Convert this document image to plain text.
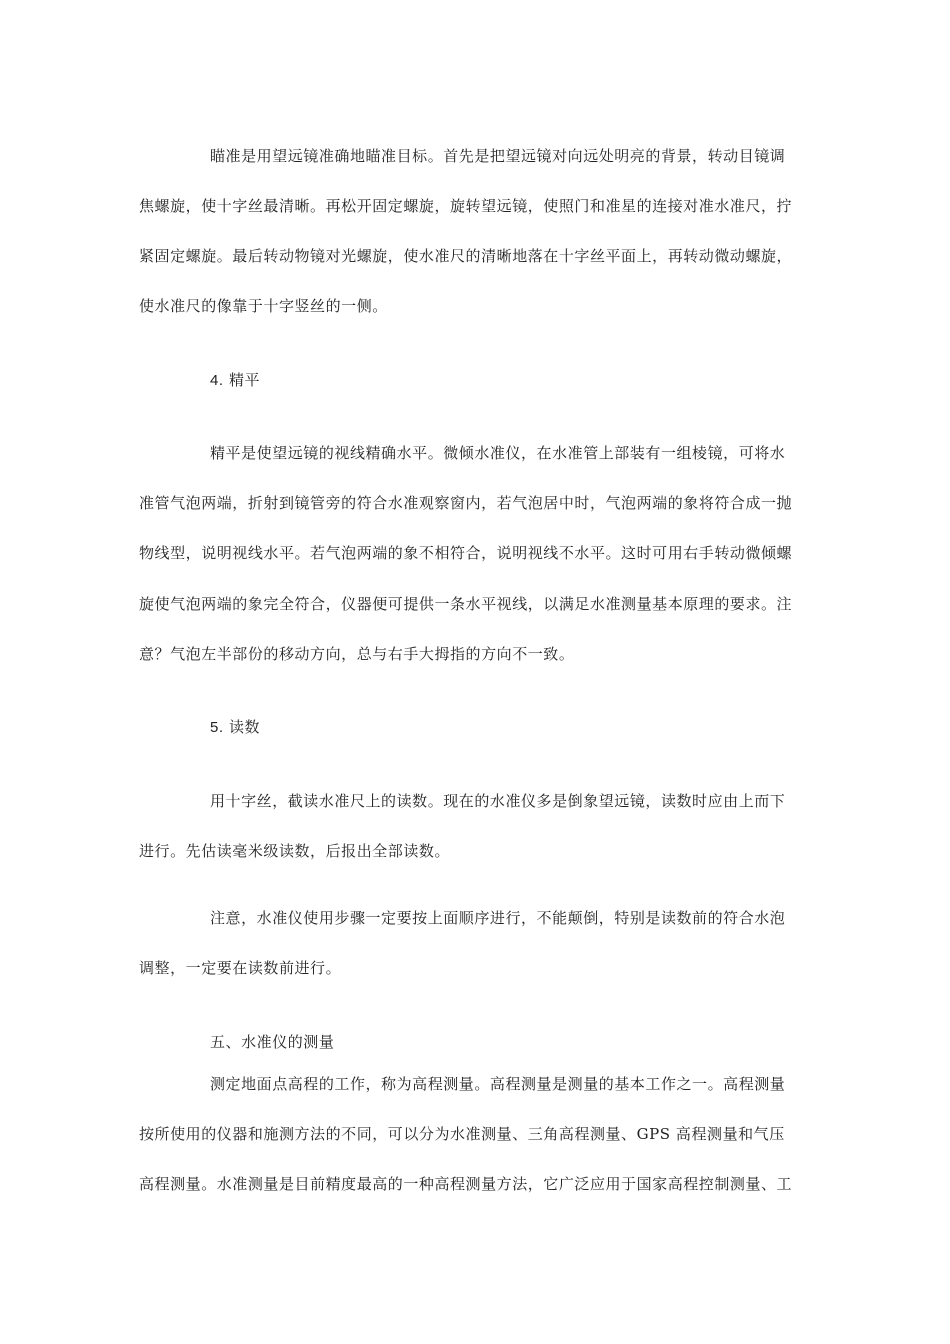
瞄准是用望远镜准确地瞄准目标。首先是把望远镜对向远处明亮的背景，转动目镜调
焦螺旋，使十字丝最清晰。再松开固定螺旋，旋转望远镜，使照门和准星的连接对准水准尺，拧
紧固定螺旋。最后转动物镜对光螺旋，使水准尺的清晰地落在十字丝平面上，再转动微动螺旋，
使水准尺的像靠于十字竖丝的一侧。
4. 精平
精平是使望远镜的视线精确水平。微倾水准仪，在水准管上部装有一组棱镜，可将水
准管气泡两端，折射到镜管旁的符合水准观察窗内，若气泡居中时，气泡两端的象将符合成一抛
物线型，说明视线水平。若气泡两端的象不相符合，说明视线不水平。这时可用右手转动微倾螺
旋使气泡两端的象完全符合，仪器便可提供一条水平视线，以满足水准测量基本原理的要求。注
意？气泡左半部份的移动方向，总与右手大拇指的方向不一致。
5. 读数
用十字丝，截读水准尺上的读数。现在的水准仪多是倒象望远镜，读数时应由上而下
进行。先估读毫米级读数，后报出全部读数。
注意，水准仪使用步骤一定要按上面顺序进行，不能颠倒，特别是读数前的符合水泡
调整，一定要在读数前进行。
五、水准仪的测量
测定地面点高程的工作，称为高程测量。高程测量是测量的基本工作之一。高程测量
按所使用的仪器和施测方法的不同，可以分为水准测量、三角高程测量、GPS 高程测量和气压
高程测量。水准测量是目前精度最高的一种高程测量方法，它广泛应用于国家高程控制测量、工
